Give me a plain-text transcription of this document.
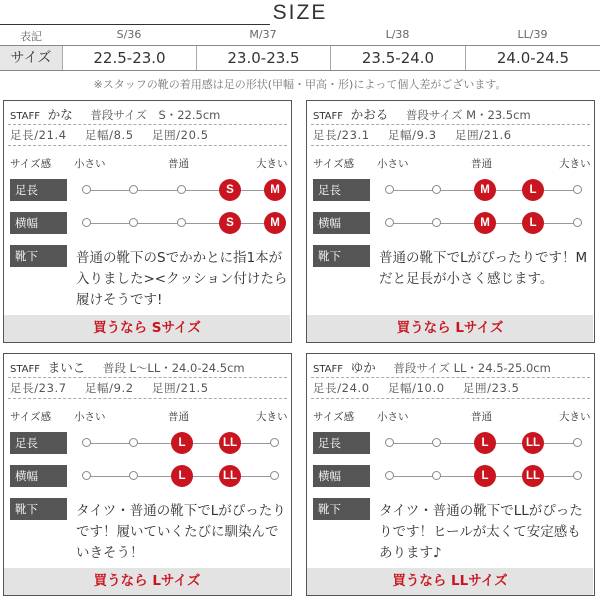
SIZE
表記	S/36	M/37	L/38	LL/39
サイズ	22.5-23.0	23.0-23.5	23.5-24.0	24.0-24.5
※スタッフの靴の着用感は足の形状(甲幅・甲高・形)によって個人差がございます。
STAFF かな 普段サイズ　S・22.5cm
足長/21.4 足幅/8.5 足囲/20.5
サイズ感 小さい	普通	大きい
足長
横幅
靴下	普通の靴下のSでかかとに指1本が入りました><クッション付けたら履けそうです!
買うなら Sサイズ
S	M
S	M
STAFF かおる 普段サイズ M・23.5cm
足長/23.1 足幅/9.3 足囲/21.6
サイズ感 小さい	普通	大きい
足長
横幅
靴下	普通の靴下でLがぴったりです！Mだと足長が小さく感じます。
買うなら Lサイズ
M	L
M	L
STAFF まいこ 普段 L〜LL・24.0-24.5cm
足長/23.7 足幅/9.2 足囲/21.5
サイズ感 小さい	普通	大きい
足長
横幅
靴下	タイツ・普通の靴下でLがぴったりです！履いていくたびに馴染んでいきそう！
買うなら Lサイズ
L	LL
L	LL
STAFF ゆか 普段サイズ LL・24.5-25.0cm
足長/24.0 足幅/10.0 足囲/23.5
サイズ感 小さい	普通	大きい
足長
横幅
靴下	タイツ・普通の靴下でLLがぴったりです！ヒールが太くて安定感もあります♪
買うなら LLサイズ
L	LL
L	LL
